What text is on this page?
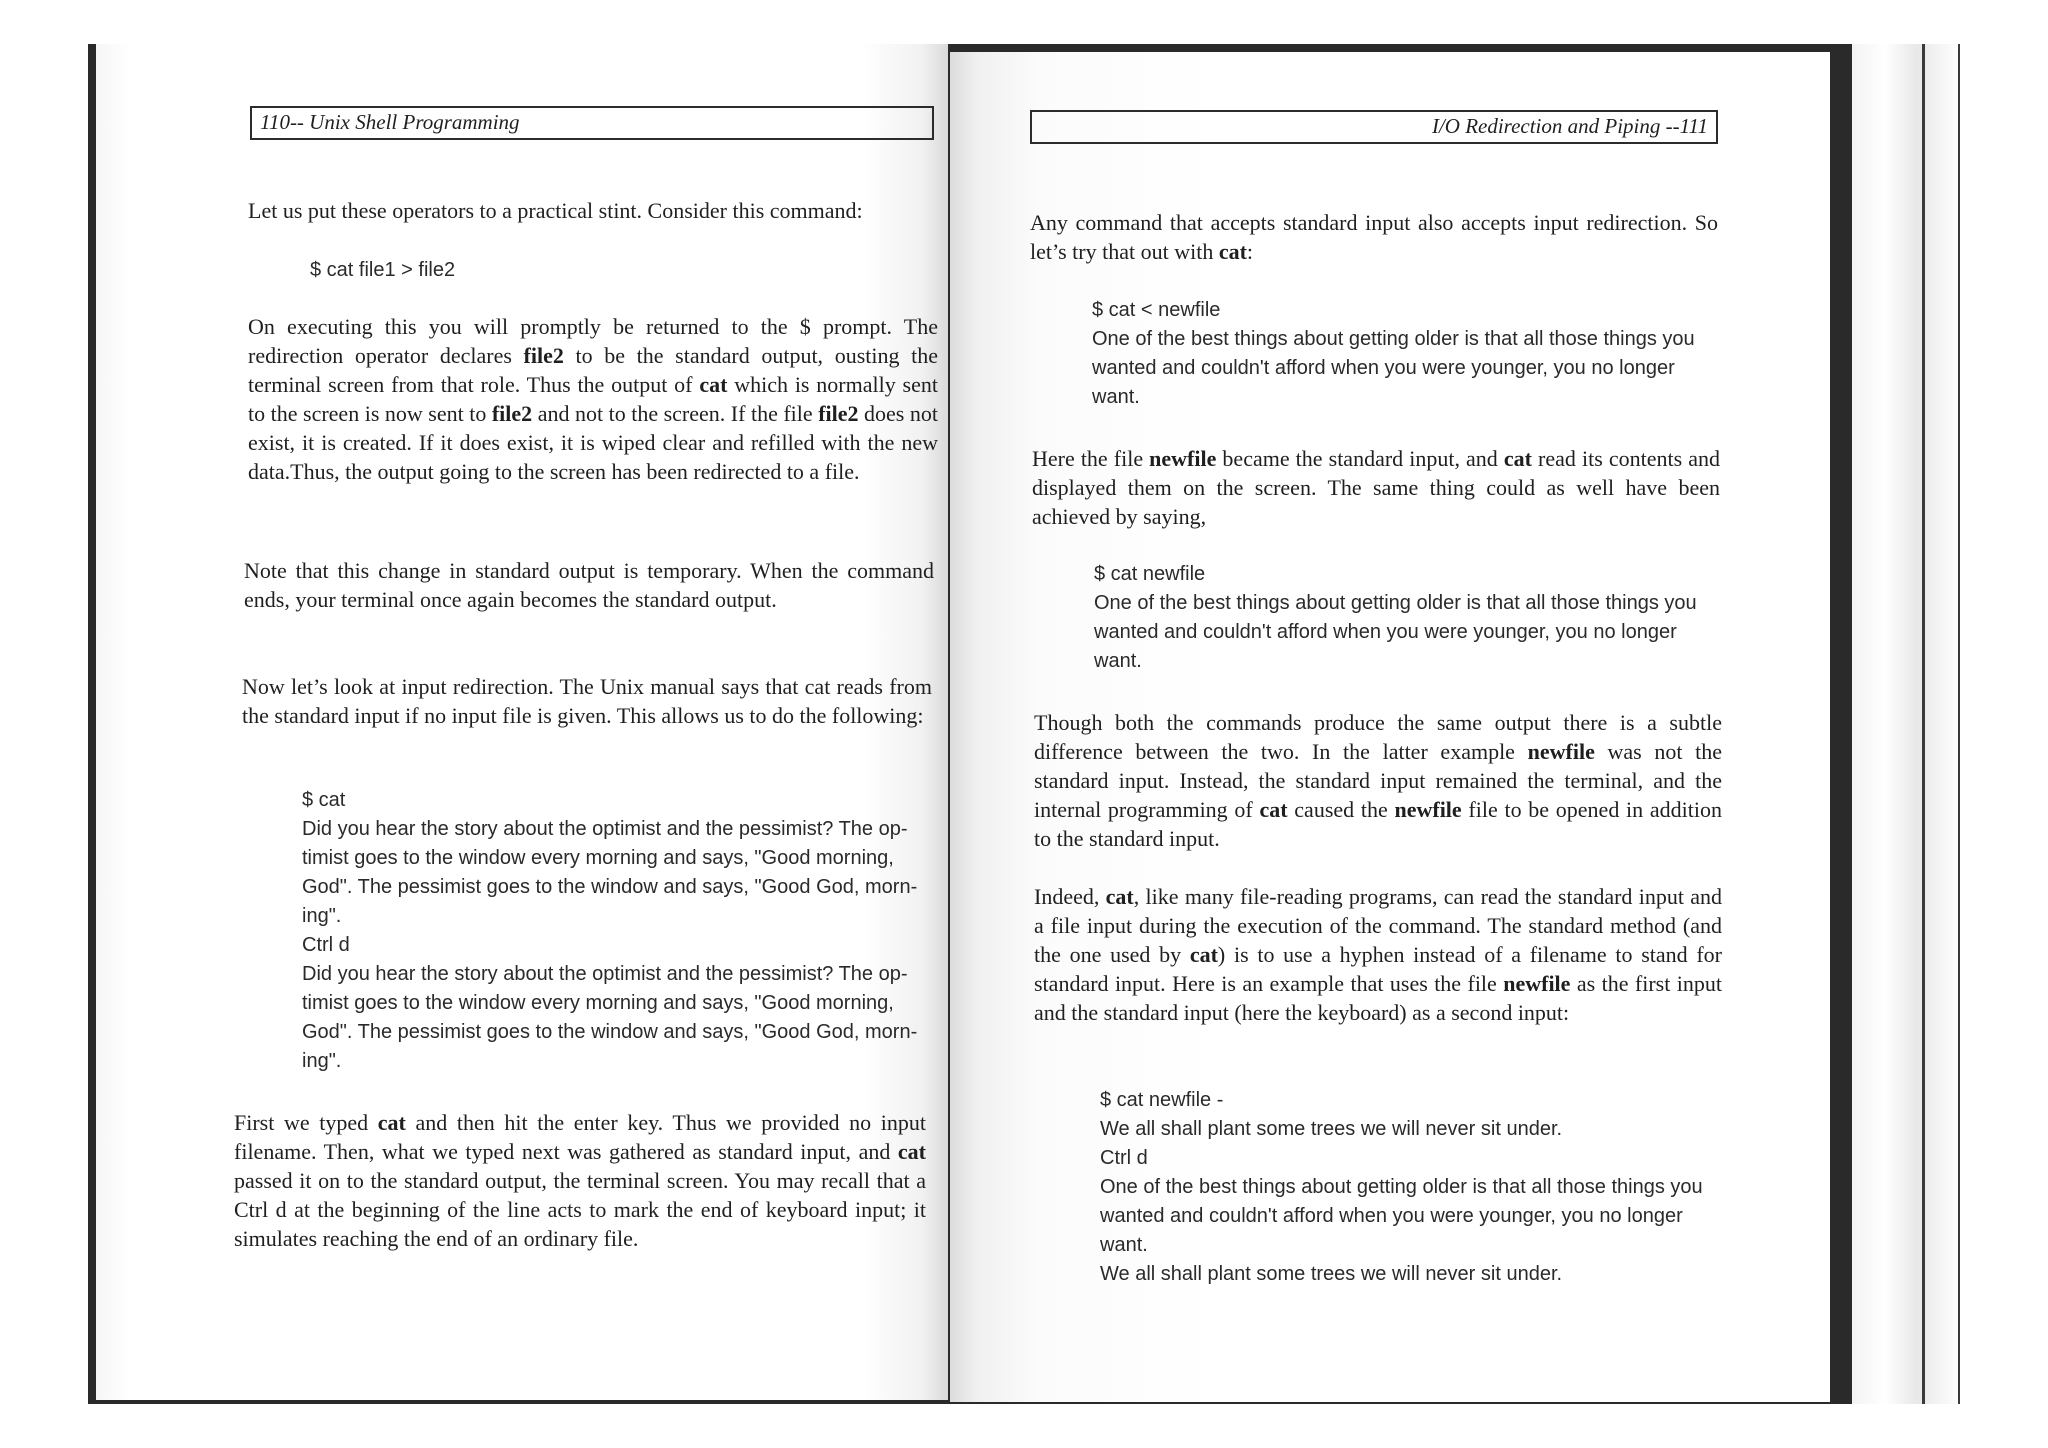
110-- Unix Shell Programming

Let us put these operators to a practical stint. Consider this command:

$ cat file1 > file2

On executing this you will promptly be returned to the $ prompt. The redirection operator declares file2 to be the standard output, ousting the terminal screen from that role. Thus the output of cat which is normally sent to the screen is now sent to file2 and not to the screen. If the file file2 does not exist, it is created. If it does exist, it is wiped clear and refilled with the new data.Thus, the output going to the screen has been redirected to a file.

Note that this change in standard output is temporary. When the command ends, your terminal once again becomes the standard output.

Now let’s look at input redirection. The Unix manual says that cat reads from the standard input if no input file is given. This allows us to do the following:

$ cat
Did you hear the story about the optimist and the pessimist? The op-
timist goes to the window every morning and says, "Good morning,
God". The pessimist goes to the window and says, "Good God, morn-
ing".
Ctrl d
Did you hear the story about the optimist and the pessimist? The op-
timist goes to the window every morning and says, "Good morning,
God". The pessimist goes to the window and says, "Good God, morn-
ing".

First we typed cat and then hit the enter key. Thus we provided no input filename. Then, what we typed next was gathered as standard input, and cat passed it on to the standard output, the terminal screen. You may recall that a Ctrl d at the beginning of the line acts to mark the end of keyboard input; it simulates reaching the end of an ordinary file.

I/O Redirection and Piping --111

Any command that accepts standard input also accepts input redirection. So let’s try that out with cat:

$ cat < newfile
One of the best things about getting older is that all those things you
wanted and couldn't afford when you were younger, you no longer
want.

Here the file newfile became the standard input, and cat read its contents and displayed them on the screen. The same thing could as well have been achieved by saying,

$ cat newfile
One of the best things about getting older is that all those things you
wanted and couldn't afford when you were younger, you no longer
want.

Though both the commands produce the same output there is a subtle difference between the two. In the latter example newfile was not the standard input. Instead, the standard input remained the terminal, and the internal programming of cat caused the newfile file to be opened in addition to the standard input.

Indeed, cat, like many file-reading programs, can read the standard input and a file input during the execution of the command. The standard method (and the one used by cat) is to use a hyphen instead of a filename to stand for standard input. Here is an example that uses the file newfile as the first input and the standard input (here the keyboard) as a second input:

$ cat newfile -
We all shall plant some trees we will never sit under.
Ctrl d
One of the best things about getting older is that all those things you
wanted and couldn't afford when you were younger, you no longer
want.
We all shall plant some trees we will never sit under.
